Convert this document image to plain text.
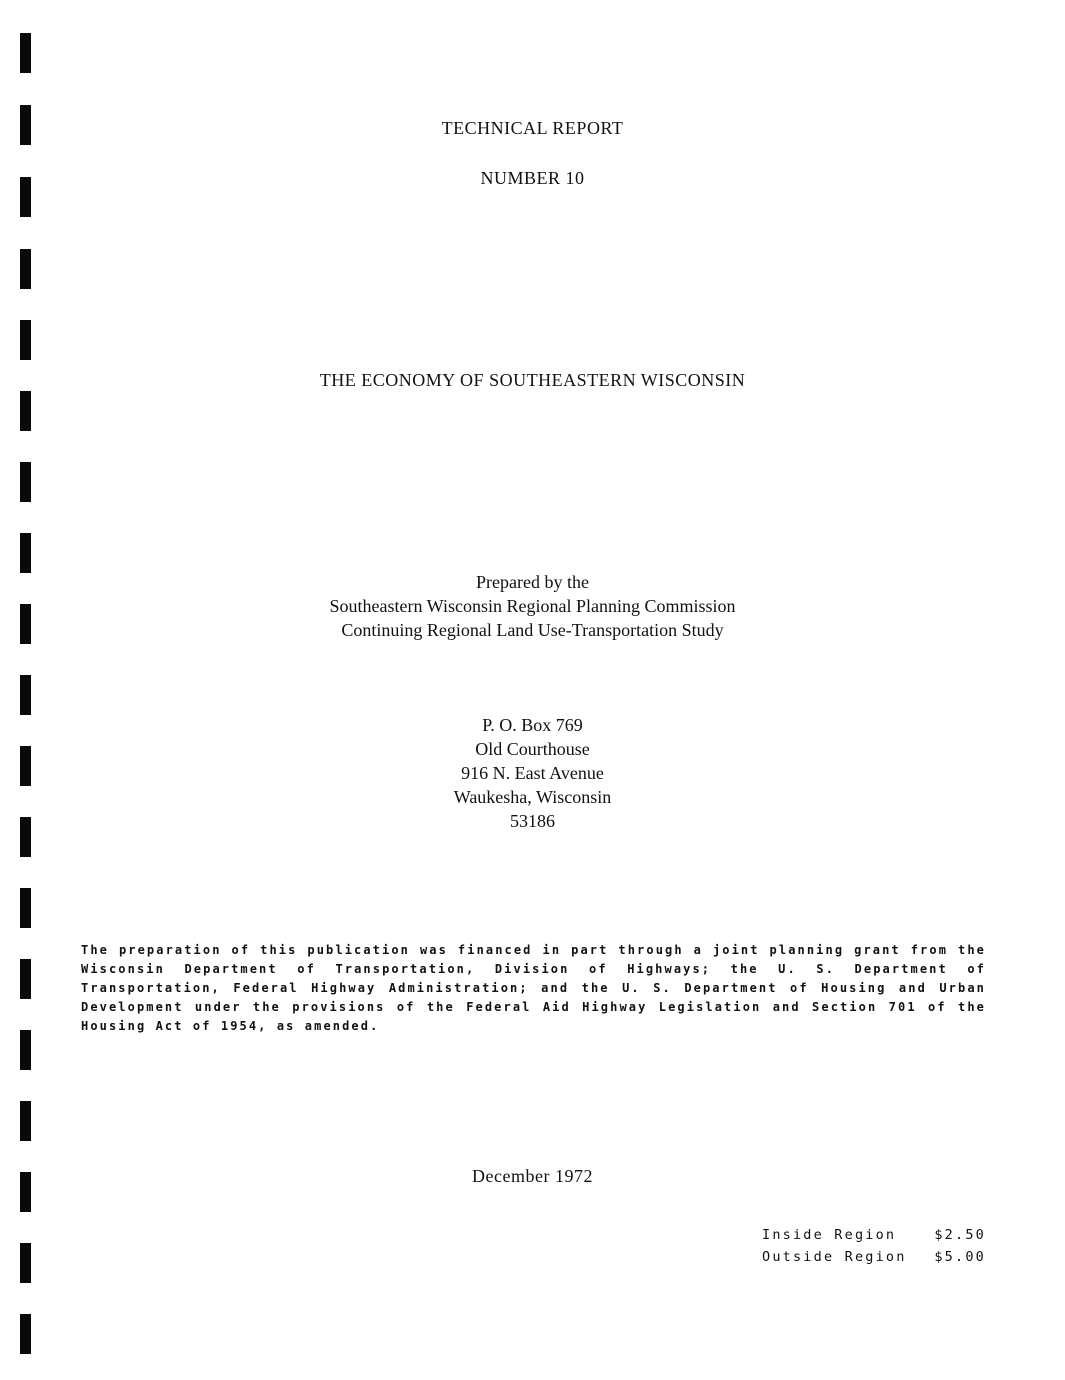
TECHNICAL REPORT
NUMBER 10
THE ECONOMY OF SOUTHEASTERN WISCONSIN

Prepared by the

Southeastern Wisconsin Regional Planning Commission

Continuing Regional Land Use-Transportation Study

P. O. Box 769

Old Courthouse

916 N. East Avenue

Waukesha, Wisconsin

53186

The preparation of this publication was financed in part through a joint planning grant from the Wisconsin Department of Transportation, Division of Highways; the U. S. Department of Transportation, Federal Highway Administration; and the U. S. Department of Housing and Urban Development under the provisions of the Federal Aid Highway Legislation and Section 701 of the Housing Act of 1954, as amended.
December 1972
Inside Region	$2.50
Outside Region $5.00
